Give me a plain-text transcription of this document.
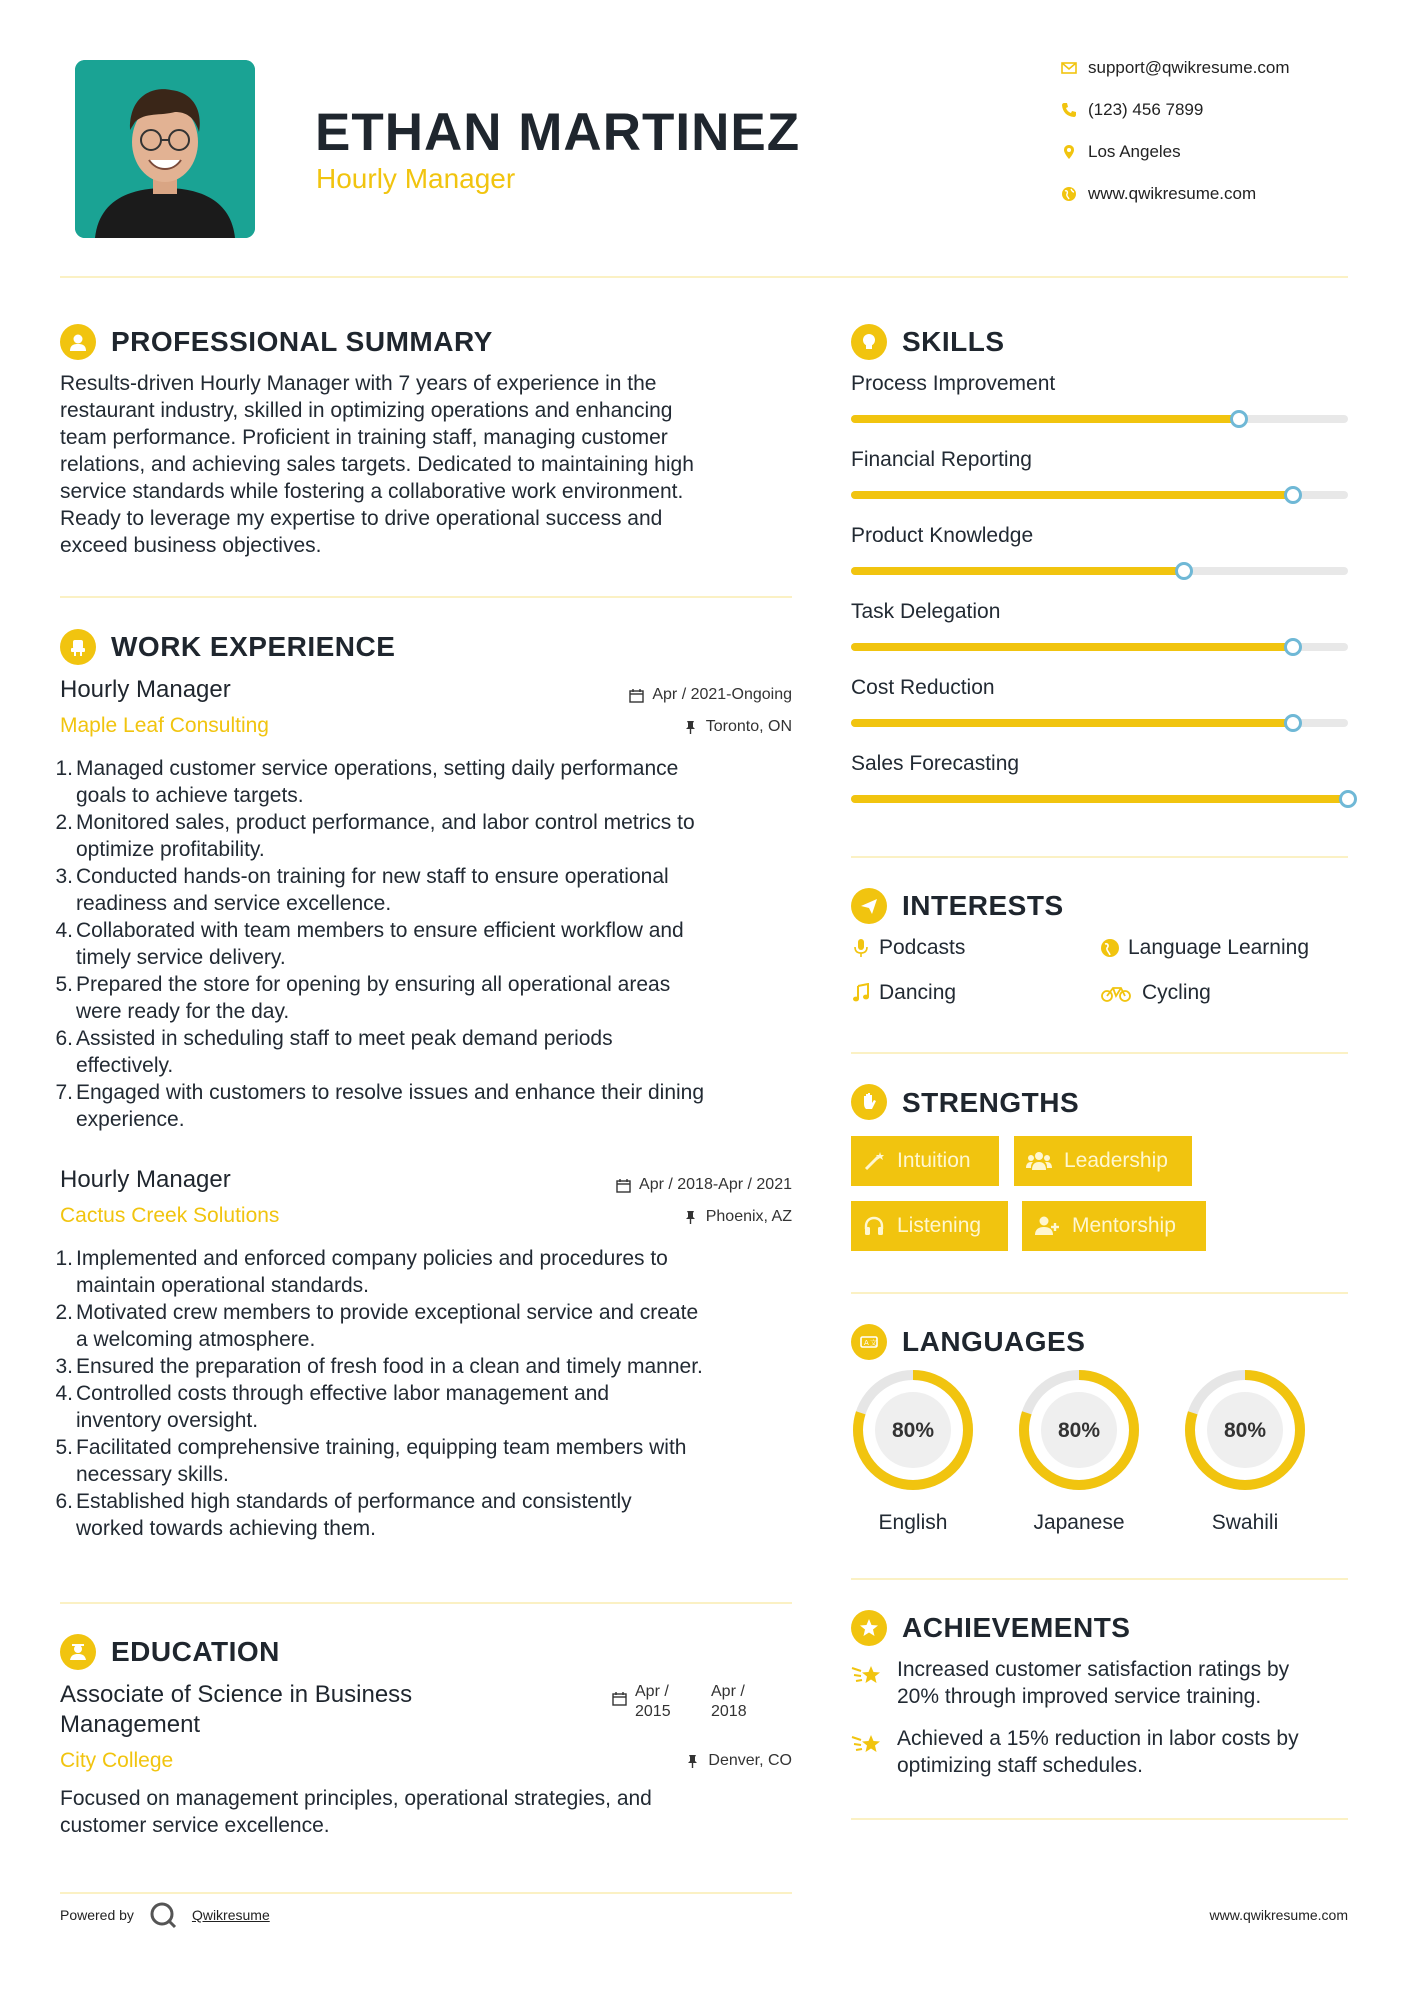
ETHAN MARTINEZ
Hourly Manager
support@qwikresume.com
(123) 456 7899
Los Angeles
www.qwikresume.com
PROFESSIONAL SUMMARY
Results-driven Hourly Manager with 7 years of experience in the
restaurant industry, skilled in optimizing operations and enhancing
team performance. Proficient in training staff, managing customer
relations, and achieving sales targets. Dedicated to maintaining high
service standards while fostering a collaborative work environment.
Ready to leverage my expertise to drive operational success and
exceed business objectives.
WORK EXPERIENCE
Hourly Manager	Apr / 2021-Ongoing
Maple Leaf Consulting	Toronto, ON
1. Managed customer service operations, setting daily performance
goals to achieve targets.
2. Monitored sales, product performance, and labor control metrics to
optimize profitability.
3. Conducted hands-on training for new staff to ensure operational
readiness and service excellence.
4. Collaborated with team members to ensure efficient workflow and
timely service delivery.
5. Prepared the store for opening by ensuring all operational areas
were ready for the day.
6. Assisted in scheduling staff to meet peak demand periods
effectively.
7. Engaged with customers to resolve issues and enhance their dining
experience.
Hourly Manager	Apr / 2018-Apr / 2021
Cactus Creek Solutions	Phoenix, AZ
1. Implemented and enforced company policies and procedures to
maintain operational standards.
2. Motivated crew members to provide exceptional service and create
a welcoming atmosphere.
3. Ensured the preparation of fresh food in a clean and timely manner.
4. Controlled costs through effective labor management and
inventory oversight.
5. Facilitated comprehensive training, equipping team members with
necessary skills.
6. Established high standards of performance and consistently
worked towards achieving them.
EDUCATION
Associate of Science in Business
Management
Apr /
2015
Apr /
2018
City College	Denver, CO
Focused on management principles, operational strategies, and
customer service excellence.
Powered by	Qwikresume	www.qwikresume.com
SKILLS
Process Improvement
Financial Reporting
Product Knowledge
Task Delegation
Cost Reduction
Sales Forecasting
INTERESTS
Podcasts	Language Learning
Dancing	Cycling
STRENGTHS
Intuition	Leadership
Listening	Mentorship
A 文 LANGUAGES
80%
English
80%
Japanese
80%
Swahili
ACHIEVEMENTS
Increased customer satisfaction ratings by
20% through improved service training.
Achieved a 15% reduction in labor costs by
optimizing staff schedules.
